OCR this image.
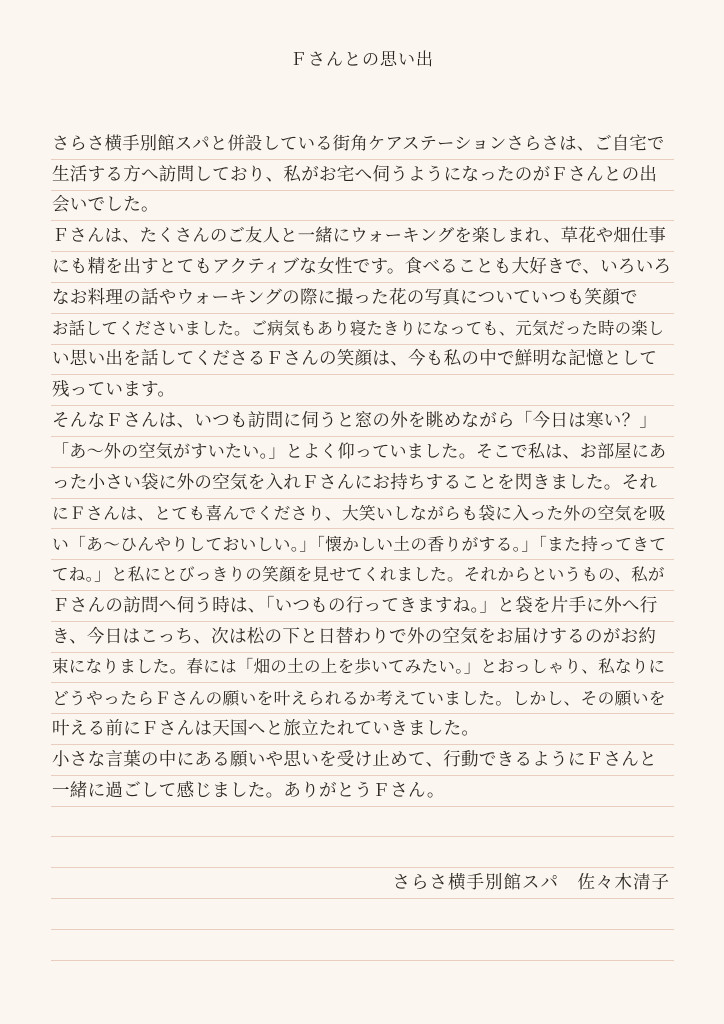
Ｆさんとの思い出
さらさ横手別館スパと併設している街角ケアステーションさらさは、ご自宅で
生活する方へ訪問しており、私がお宅へ伺うようになったのがＦさんとの出
会いでした。
Ｆさんは、たくさんのご友人と一緒にウォーキングを楽しまれ、草花や畑仕事
にも精を出すとてもアクティブな女性です。食べることも大好きで、いろいろ
なお料理の話やウォーキングの際に撮った花の写真についていつも笑顔で
お話してくださいました。ご病気もあり寝たきりになっても、元気だった時の楽し
い思い出を話してくださるＦさんの笑顔は、今も私の中で鮮明な記憶として
残っています。
そんなＦさんは、いつも訪問に伺うと窓の外を眺めながら「今日は寒い？」
「あ～外の空気がすいたい。」とよく仰っていました。そこで私は、お部屋にあ
った小さい袋に外の空気を入れＦさんにお持ちすることを閃きました。それ
にＦさんは、とても喜んでくださり、大笑いしながらも袋に入った外の空気を吸
い「あ～ひんやりしておいしい。」「懐かしい土の香りがする。」「また持ってきて
てね。」と私にとびっきりの笑顔を見せてくれました。それからというもの、私が
Ｆさんの訪問へ伺う時は、「いつもの行ってきますね。」と袋を片手に外へ行
き、今日はこっち、次は松の下と日替わりで外の空気をお届けするのがお約
束になりました。春には「畑の土の上を歩いてみたい。」とおっしゃり、私なりに
どうやったらＦさんの願いを叶えられるか考えていました。しかし、その願いを
叶える前にＦさんは天国へと旅立たれていきました。
小さな言葉の中にある願いや思いを受け止めて、行動できるようにＦさんと
一緒に過ごして感じました。ありがとうＦさん。
さらさ横手別館スパ　佐々木清子
